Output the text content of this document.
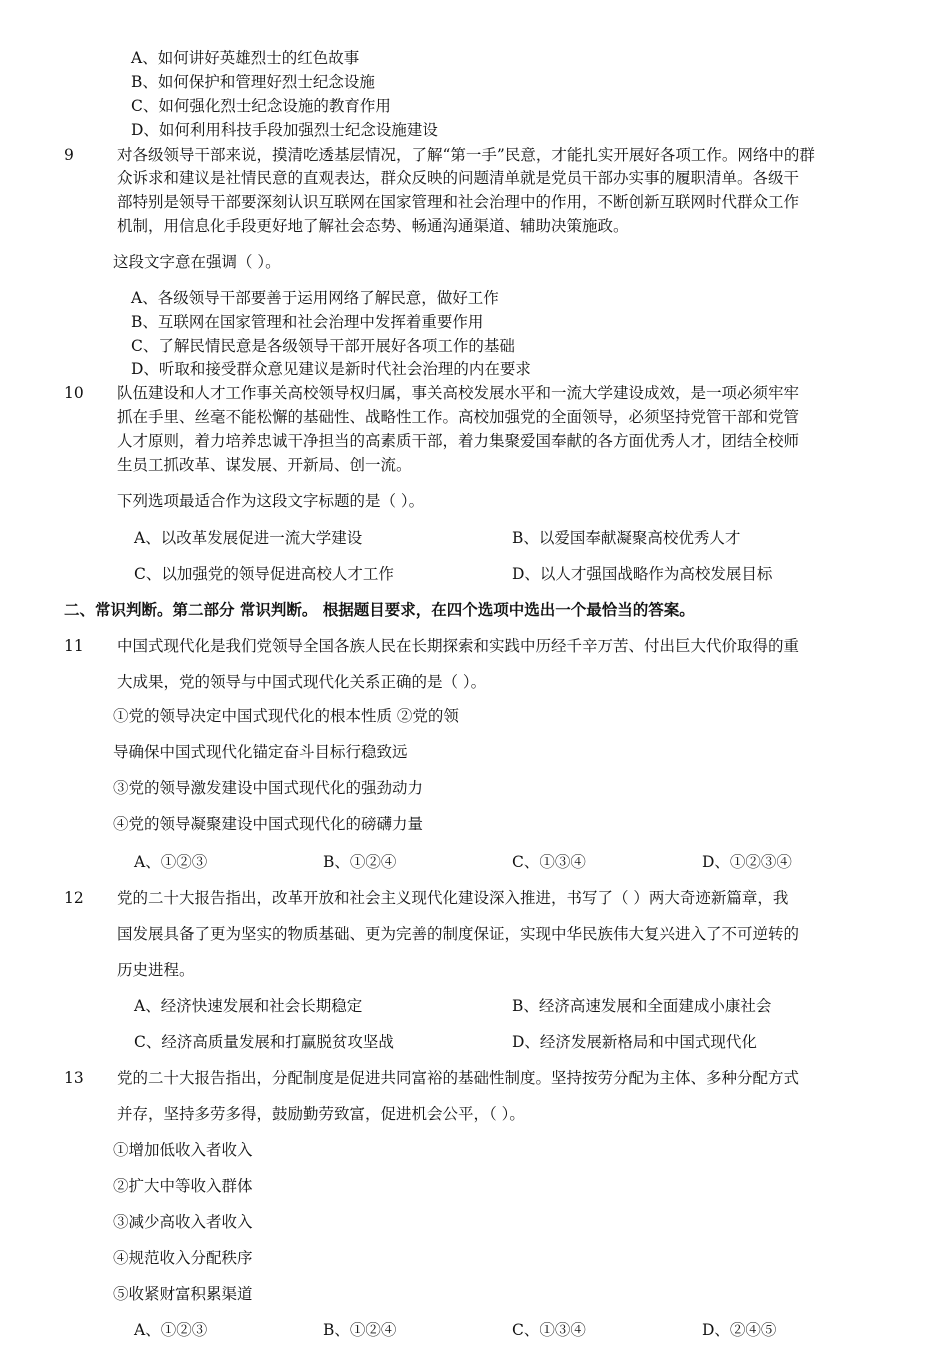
A、如何讲好英雄烈士的红色故事
B、如何保护和管理好烈士纪念设施
C、如何强化烈士纪念设施的教育作用
D、如何利用科技手段加强烈士纪念设施建设
9	对各级领导干部来说，摸清吃透基层情况，了解“第一手”民意，才能扎实开展好各项工作。网络中的群
众诉求和建议是社情民意的直观表达，群众反映的问题清单就是党员干部办实事的履职清单。各级干
部特别是领导干部要深刻认识互联网在国家管理和社会治理中的作用，不断创新互联网时代群众工作
机制，用信息化手段更好地了解社会态势、畅通沟通渠道、辅助决策施政。
这段文字意在强调（ ）。
A、各级领导干部要善于运用网络了解民意，做好工作
B、互联网在国家管理和社会治理中发挥着重要作用
C、了解民情民意是各级领导干部开展好各项工作的基础
D、听取和接受群众意见建议是新时代社会治理的内在要求
10 队伍建设和人才工作事关高校领导权归属，事关高校发展水平和一流大学建设成效，是一项必须牢牢
抓在手里、丝毫不能松懈的基础性、战略性工作。高校加强党的全面领导，必须坚持党管干部和党管
人才原则，着力培养忠诚干净担当的高素质干部，着力集聚爱国奉献的各方面优秀人才，团结全校师
生员工抓改革、谋发展、开新局、创一流。
下列选项最适合作为这段文字标题的是（ ）。
A、以改革发展促进一流大学建设	B、以爱国奉献凝聚高校优秀人才
C、以加强党的领导促进高校人才工作	D、以人才强国战略作为高校发展目标
二、常识判断。第二部分 常识判断。 根据题目要求，在四个选项中选出一个最恰当的答案。
11 中国式现代化是我们党领导全国各族人民在长期探索和实践中历经千辛万苦、付出巨大代价取得的重
大成果，党的领导与中国式现代化关系正确的是（ ）。
①党的领导决定中国式现代化的根本性质 ②党的领
导确保中国式现代化锚定奋斗目标行稳致远
③党的领导激发建设中国式现代化的强劲动力
④党的领导凝聚建设中国式现代化的磅礴力量
A、①②③	B、①②④	C、①③④	D、①②③④
12 党的二十大报告指出，改革开放和社会主义现代化建设深入推进，书写了（ ）两大奇迹新篇章，我
国发展具备了更为坚实的物质基础、更为完善的制度保证，实现中华民族伟大复兴进入了不可逆转的
历史进程。
A、经济快速发展和社会长期稳定	B、经济高速发展和全面建成小康社会
C、经济高质量发展和打赢脱贫攻坚战	D、经济发展新格局和中国式现代化
13 党的二十大报告指出，分配制度是促进共同富裕的基础性制度。坚持按劳分配为主体、多种分配方式
并存，坚持多劳多得，鼓励勤劳致富，促进机会公平，（ ）。
①增加低收入者收入
②扩大中等收入群体
③减少高收入者收入
④规范收入分配秩序
⑤收紧财富积累渠道
A、①②③	B、①②④	C、①③④	D、②④⑤
